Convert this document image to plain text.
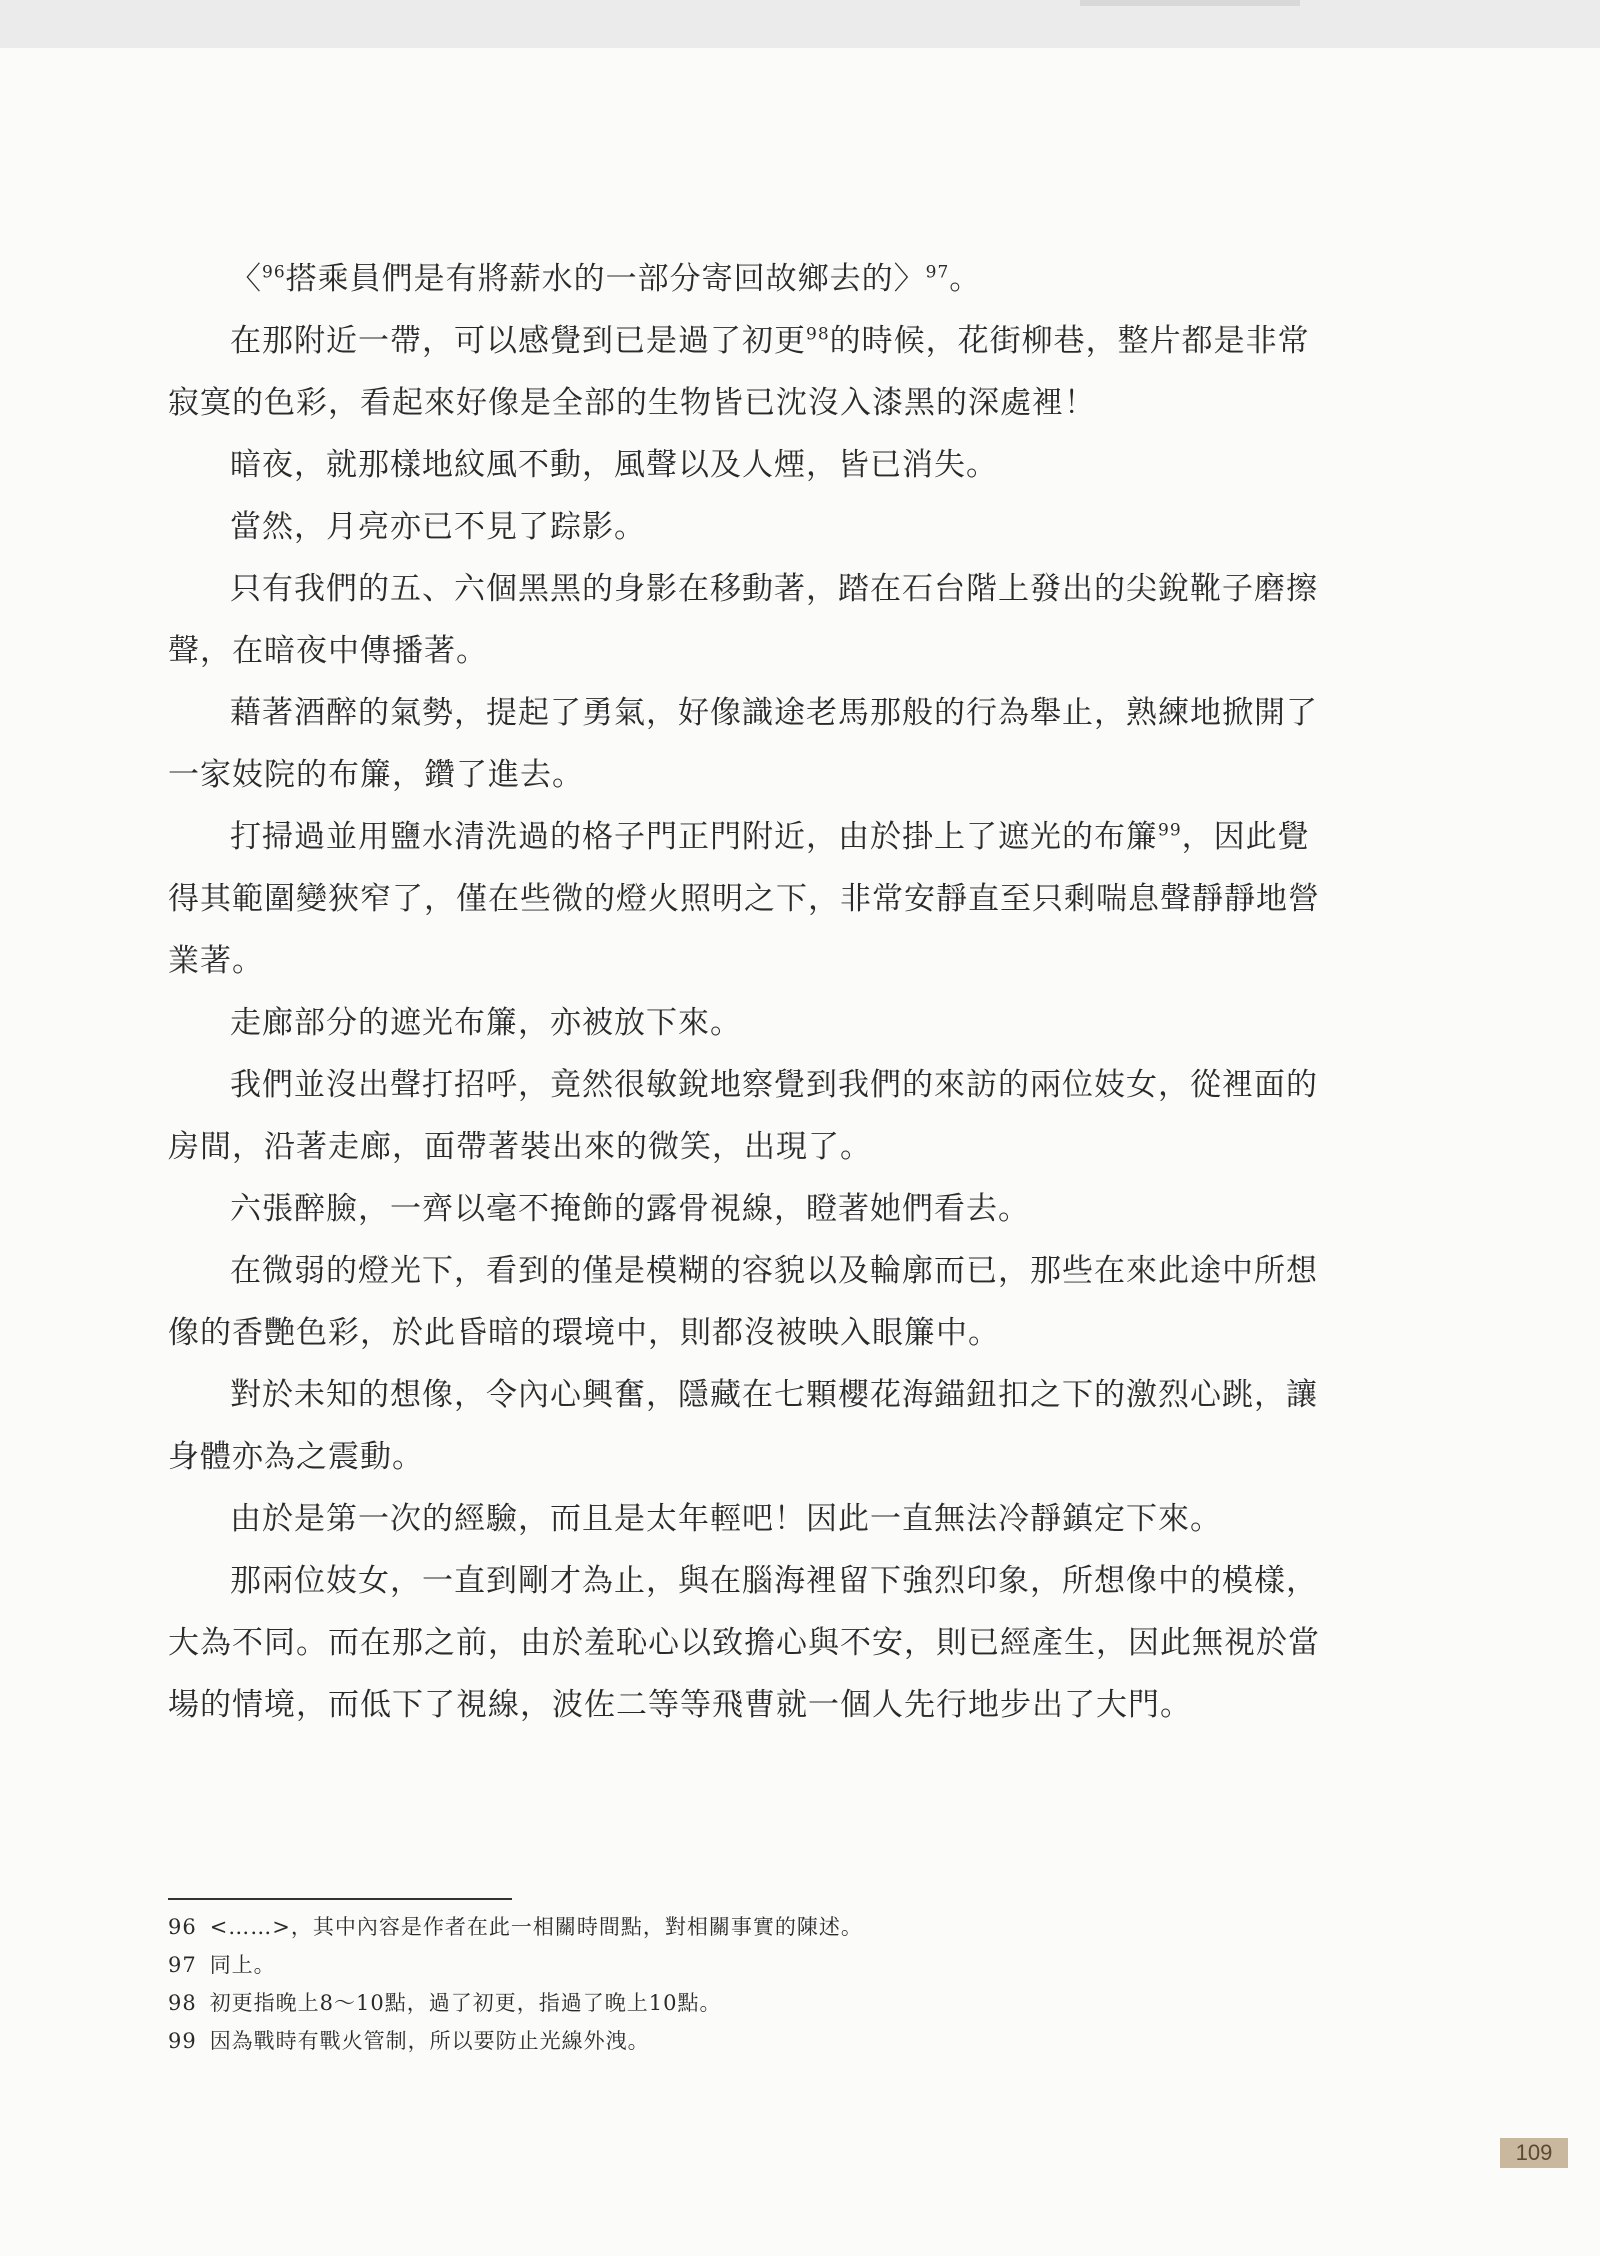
〈$^{96}$搭乘員們是有將薪水的一部分寄回故鄉去的〉$^{97}$。

在那附近一帶，可以感覺到已是過了初更$^{98}$的時候，花街柳巷，整片都是非常寂寞的色彩，看起來好像是全部的生物皆已沈沒入漆黑的深處裡！

暗夜，就那樣地紋風不動，風聲以及人煙，皆已消失。

當然，月亮亦已不見了踪影。

只有我們的五、六個黑黑的身影在移動著，踏在石台階上發出的尖銳靴子磨擦聲，在暗夜中傳播著。

藉著酒醉的氣勢，提起了勇氣，好像識途老馬那般的行為舉止，熟練地掀開了一家妓院的布簾，鑽了進去。

打掃過並用鹽水清洗過的格子門正門附近，由於掛上了遮光的布簾$^{99}$，因此覺得其範圍變狹窄了，僅在些微的燈火照明之下，非常安靜直至只剩喘息聲靜靜地營業著。

走廊部分的遮光布簾，亦被放下來。

我們並沒出聲打招呼，竟然很敏銳地察覺到我們的來訪的兩位妓女，從裡面的房間，沿著走廊，面帶著裝出來的微笑，出現了。

六張醉臉，一齊以毫不掩飾的露骨視線，瞪著她們看去。

在微弱的燈光下，看到的僅是模糊的容貌以及輪廓而已，那些在來此途中所想像的香艷色彩，於此昏暗的環境中，則都沒被映入眼簾中。

對於未知的想像，令內心興奮，隱藏在七顆櫻花海錨鈕扣之下的激烈心跳，讓身體亦為之震動。

由於是第一次的經驗，而且是太年輕吧！因此一直無法冷靜鎮定下來。

那兩位妓女，一直到剛才為止，與在腦海裡留下強烈印象，所想像中的模樣，大為不同。而在那之前，由於羞恥心以致擔心與不安，則已經產生，因此無視於當場的情境，而低下了視線，波佐二等等飛曹就一個人先行地步出了大門。

96 <……>，其中內容是作者在此一相關時間點，對相關事實的陳述。

97 同上。

98 初更指晚上8～10點，過了初更，指過了晚上10點。

99 因為戰時有戰火管制，所以要防止光線外洩。

109
